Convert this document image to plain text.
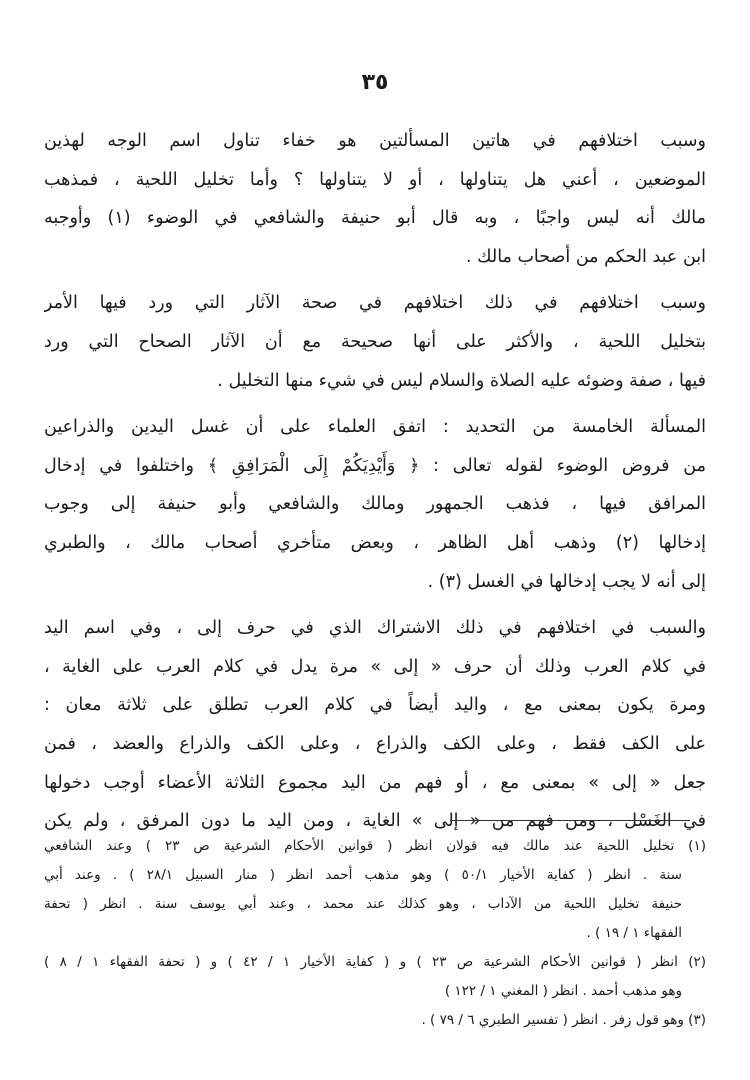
٣٥
وسبب اختلافهم في هاتين المسألتين هو خفاء تناول اسم الوجه لهذين
الموضعين ، أعني هل يتناولها ، أو لا يتناولها ؟ وأما تخليل اللحية ، فمذهب
مالك أنه ليس واجبًا ، وبه قال أبو حنيفة والشافعي في الوضوء (١) وأوجبه
ابن عبد الحكم من أصحاب مالك .
وسبب اختلافهم في ذلك اختلافهم في صحة الآثار التي ورد فيها الأمر
بتخليل اللحية ، والأكثر على أنها صحيحة مع أن الآثار الصحاح التي ورد
فيها ، صفة وضوئه عليه الصلاة والسلام ليس في شيء منها التخليل .
المسألة الخامسة من التحديد : اتفق العلماء على أن غسل اليدين والذراعين
من فروض الوضوء لقوله تعالى : ﴿ وَأَيْدِيَكُمْ إِلَى الْمَرَافِقِ ﴾ واختلفوا في إدخال
المرافق فيها ، فذهب الجمهور ومالك والشافعي وأبو حنيفة إلى وجوب
إدخالها (٢) وذهب أهل الظاهر ، وبعض متأخري أصحاب مالك ، والطبري
إلى أنه لا يجب إدخالها في الغسل (٣) .
والسبب في اختلافهم في ذلك الاشتراك الذي في حرف إلى ، وفي اسم اليد
في كلام العرب وذلك أن حرف « إلى » مرة يدل في كلام العرب على الغاية ،
ومرة يكون بمعنى مع ، واليد أيضاً في كلام العرب تطلق على ثلاثة معان :
على الكف فقط ، وعلى الكف والذراع ، وعلى الكف والذراع والعضد ، فمن
جعل « إلى » بمعنى مع ، أو فهم من اليد مجموع الثلاثة الأعضاء أوجب دخولها
في الغَسْل ، ومن فهم من « إلى » الغاية ، ومن اليد ما دون المرفق ، ولم يكن
(١) تخليل اللحية عند مالك فيه قولان انظر ( قوانين الأحكام الشرعية ص ٢٣ ) وعند الشافعي
سنة . انظر ( كفاية الأخيار ٥٠/١ ) وهو مذهب أحمد انظر ( منار السبيل ٢٨/١ ) . وعند أبي
حنيفة تخليل اللحية من الآداب ، وهو كذلك عند محمد ، وعند أبي يوسف سنة . انظر ( تحفة
الفقهاء ١ / ١٩ ) .
(٢) انظر ( قوانين الأحكام الشرعية ص ٢٣ ) و ( كفاية الأخيار ١ / ٤٢ ) و ( تحفة الفقهاء ١ / ٨ )
وهو مذهب أحمد . انظر ( المغني ١ / ١٢٢ )
(٣) وهو قول زفر . انظر ( تفسير الطبري ٦ / ٧٩ ) .
